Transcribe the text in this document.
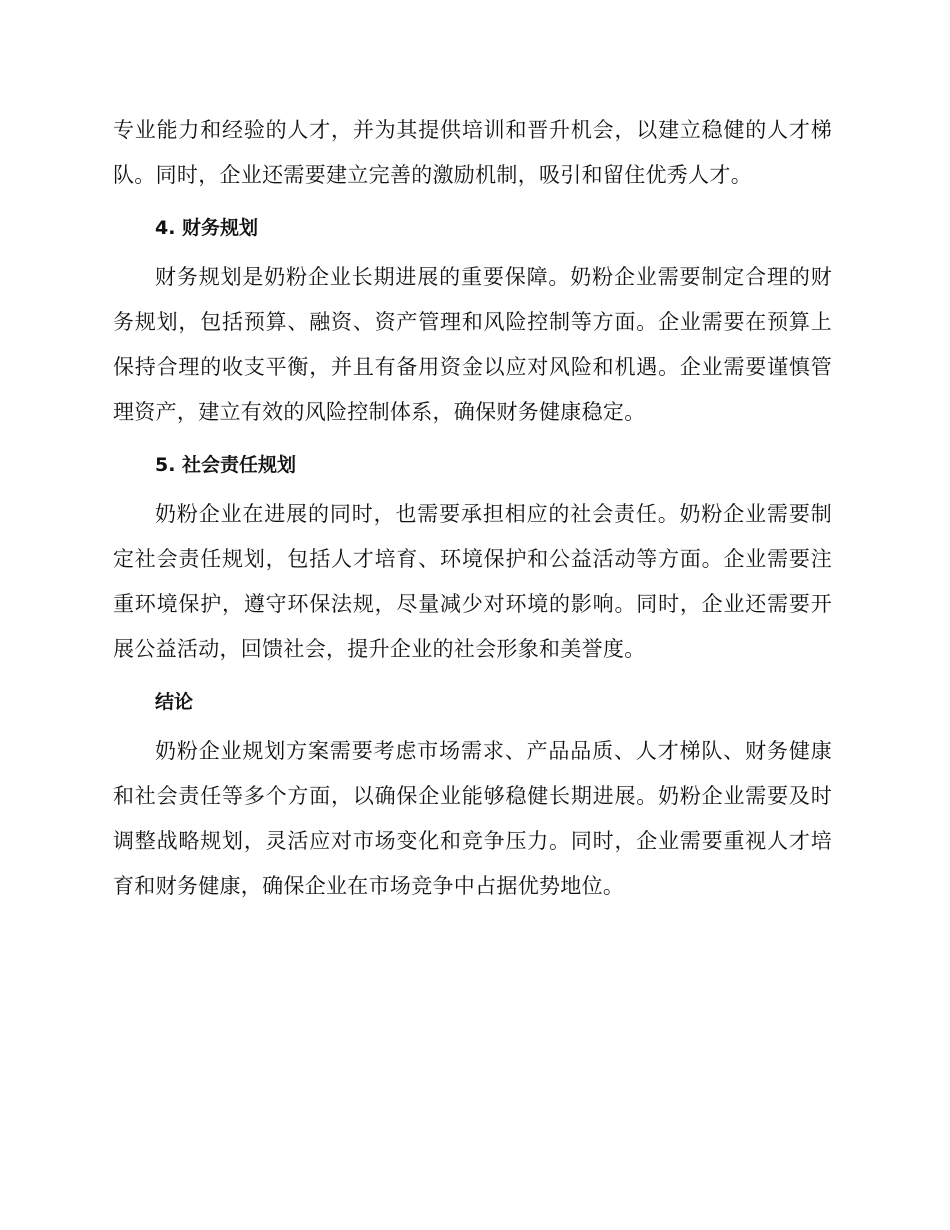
专业能力和经验的人才，并为其提供培训和晋升机会，以建立稳健的人才梯队。同时，企业还需要建立完善的激励机制，吸引和留住优秀人才。

4. 财务规划

财务规划是奶粉企业长期进展的重要保障。奶粉企业需要制定合理的财务规划，包括预算、融资、资产管理和风险控制等方面。企业需要在预算上保持合理的收支平衡，并且有备用资金以应对风险和机遇。企业需要谨慎管理资产，建立有效的风险控制体系，确保财务健康稳定。

5. 社会责任规划

奶粉企业在进展的同时，也需要承担相应的社会责任。奶粉企业需要制定社会责任规划，包括人才培育、环境保护和公益活动等方面。企业需要注重环境保护，遵守环保法规，尽量减少对环境的影响。同时，企业还需要开展公益活动，回馈社会，提升企业的社会形象和美誉度。

结论

奶粉企业规划方案需要考虑市场需求、产品品质、人才梯队、财务健康和社会责任等多个方面，以确保企业能够稳健长期进展。奶粉企业需要及时调整战略规划，灵活应对市场变化和竞争压力。同时，企业需要重视人才培育和财务健康，确保企业在市场竞争中占据优势地位。
